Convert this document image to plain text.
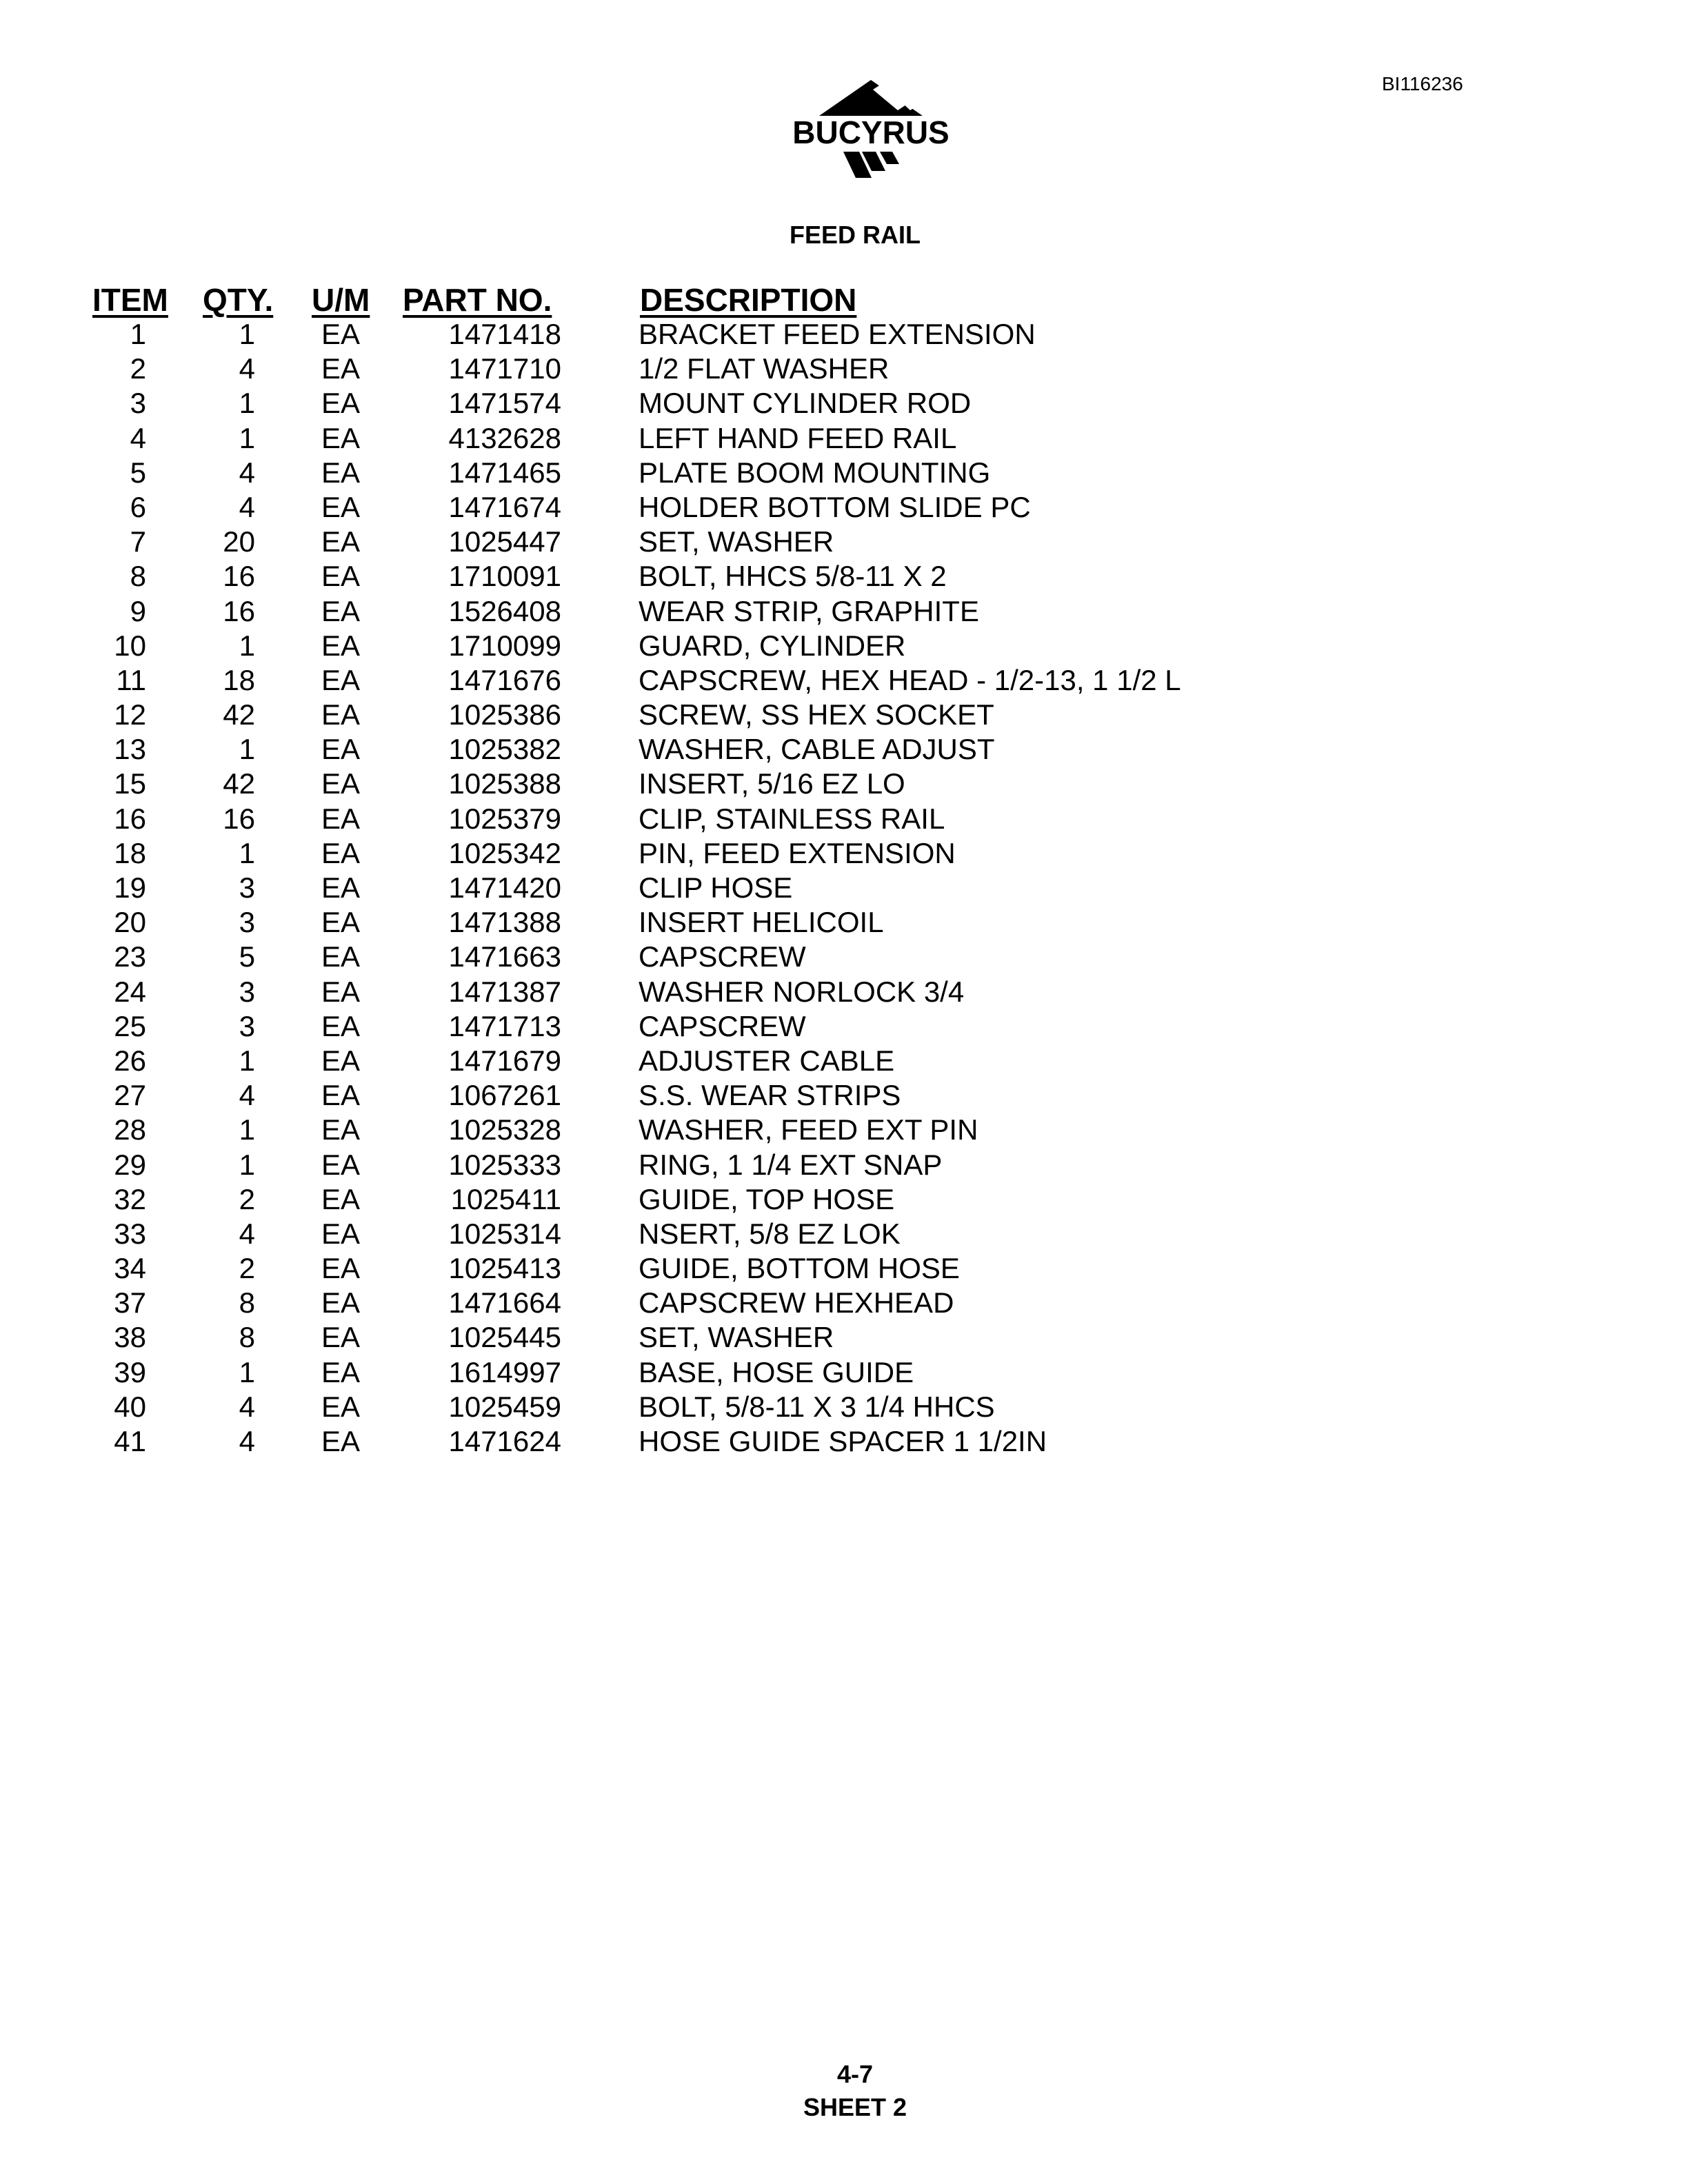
BI116236
BUCYRUS
FEED RAIL
ITEM QTY. U/M PART NO.	DESCRIPTION
1	1 EA	1471418	BRACKET FEED EXTENSION
2	4 EA	1471710	1/2 FLAT WASHER
3	1 EA	1471574	MOUNT CYLINDER ROD
4	1 EA	4132628	LEFT HAND FEED RAIL
5	4 EA	1471465	PLATE BOOM MOUNTING
6	4 EA	1471674	HOLDER BOTTOM SLIDE PC
7	20 EA	1025447	SET, WASHER
8	16 EA	1710091	BOLT, HHCS 5/8-11 X 2
9	16 EA	1526408	WEAR STRIP, GRAPHITE
10	1 EA	1710099	GUARD, CYLINDER
11	18 EA	1471676	CAPSCREW, HEX HEAD - 1/2-13, 1 1/2 L
12	42 EA	1025386	SCREW, SS HEX SOCKET
13	1 EA	1025382	WASHER, CABLE ADJUST
15	42 EA	1025388	INSERT, 5/16 EZ LO
16	16 EA	1025379	CLIP, STAINLESS RAIL
18	1 EA	1025342	PIN, FEED EXTENSION
19	3 EA	1471420	CLIP HOSE
20	3 EA	1471388	INSERT HELICOIL
23	5 EA	1471663	CAPSCREW
24	3 EA	1471387	WASHER NORLOCK 3/4
25	3 EA	1471713	CAPSCREW
26	1 EA	1471679	ADJUSTER CABLE
27	4 EA	1067261	S.S. WEAR STRIPS
28	1 EA	1025328	WASHER, FEED EXT PIN
29	1 EA	1025333	RING, 1 1/4 EXT SNAP
32	2 EA	1025411	GUIDE, TOP HOSE
33	4 EA	1025314	NSERT, 5/8 EZ LOK
34	2 EA	1025413	GUIDE, BOTTOM HOSE
37	8 EA	1471664	CAPSCREW HEXHEAD
38	8 EA	1025445	SET, WASHER
39	1 EA	1614997	BASE, HOSE GUIDE
40	4 EA	1025459	BOLT, 5/8-11 X 3 1/4 HHCS
41	4 EA	1471624	HOSE GUIDE SPACER 1 1/2IN
4-7
SHEET 2
